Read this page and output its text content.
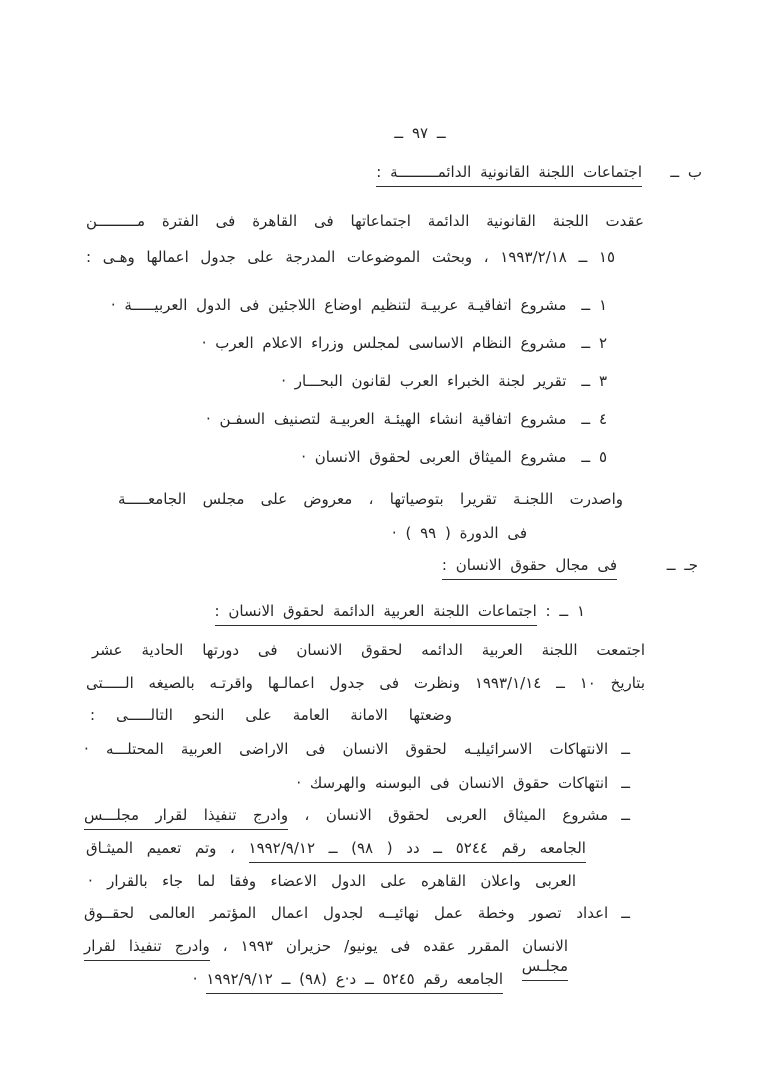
ــ ٩٧ ــ
ب ــ
اجتماعات اللجنة القانونية الدائمـــــــــة :
عقدت اللجنة القانونية الدائمة اجتماعاتها فى القاهرة فى الفترة مـــــــــن
١٥ ــ ١٩٩٣/٢/١٨ ، وبحثت الموضوعات المدرجة على جدول اعمالها وهـى :
١ ــمشروع اتفاقيـة عربيـة لتنظيم اوضاع اللاجئين فى الدول العربيـــــة ·
٢ ــمشروع النظام الاساسى لمجلس وزراء الاعلام العرب ·
٣ ــتقرير لجنة الخبراء العرب لقانون البحـــار ·
٤ ــمشروع اتفاقية انشاء الهيئـة العربيـة لتصنيف السفـن ·
٥ ــمشروع الميثاق العربى لحقوق الانسان ·
واصدرت اللجنـة تقريرا بتوصياتها ، معروض على مجلس الجامعـــــة
فى الدورة ( ٩٩ ) ·
جـ ــ
فى مجال حقوق الانسان :
١ ــ : اجتماعات اللجنة العربية الدائمة لحقوق الانسان :
اجتمعت اللجنة العربية الدائمه لحقوق الانسان فى دورتها الحادية عشر
بتاريخ ١٠ ــ ١٩٩٣/١/١٤ ونظرت فى جدول اعمالـها واقرتـه بالصيغه الـــــتى
وضعتها الامانة العامة على النحو التالـــــى :
ــالانتهاكات الاسرائيليـه لحقوق الانسان فى الاراضى العربية المحتلـــه ·
ــانتهاكات حقوق الانسان فى البوسنه والهرسك ·
ــمشروع الميثاق العربى لحقوق الانسان ، وادرج تنفيذا لقرار مجلـــس
الجامعه رقم ٥٢٤٤ ــ دد ( ٩٨) ــ ١٩٩٢/٩/١٢ ، وتم تعميم الميثـاق
العربى واعلان القاهره على الدول الاعضاء وفقا لما جاء بالقرار ·
ــاعداد تصور وخطة عمل نهائيــه لجدول اعمال المؤتمر العالمى لحقــوق
الانسان المقرر عقده فى يونيو/ حزيران ١٩٩٣ ، وادرج تنفيذا لقرار مجلـس
الجامعه رقم ٥٢٤٥ ــ د·ع (٩٨) ــ ١٩٩٢/٩/١٢ ·
